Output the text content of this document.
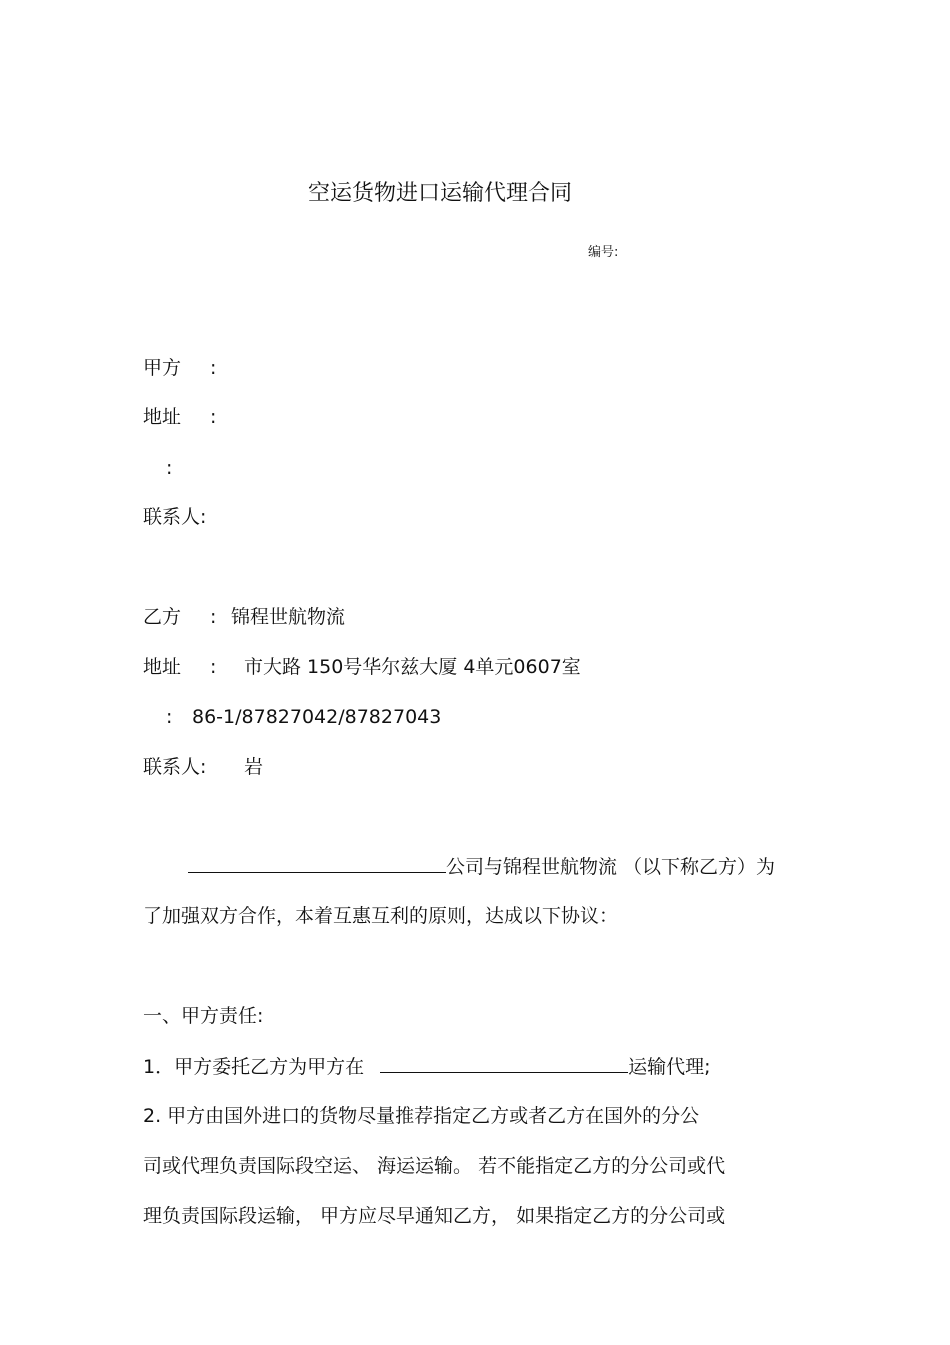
空运货物进口运输代理合同
编号:
甲方 :
地址 :
:
联系人:
乙方 : 锦程世航物流
地址 : 市大路 150号华尔兹大厦 4单元0607室
: 86-1/87827042/87827043
联系人: 岩
公司与锦程世航物流 （以下称乙方）为
了加强双方合作，本着互惠互利的原则，达成以下协议：
一、甲方责任:
1．甲方委托乙方为甲方在	运输代理;
2. 甲方由国外进口的货物尽量推荐指定乙方或者乙方在国外的分公
司或代理负责国际段空运、 海运运输。 若不能指定乙方的分公司或代
理负责国际段运输， 甲方应尽早通知乙方， 如果指定乙方的分公司或
